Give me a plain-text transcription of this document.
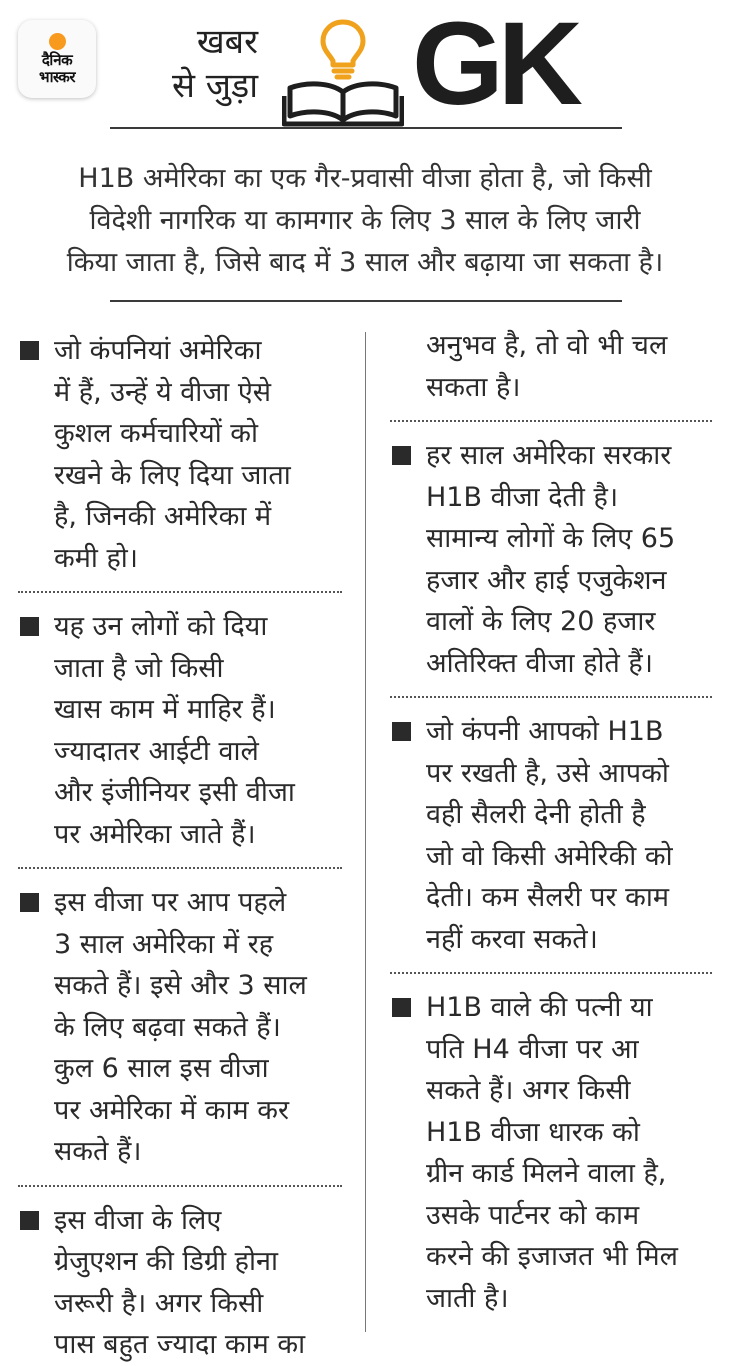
दैनिक
भास्कर
खबर
से जुड़ा GK
H1B अमेरिका का एक गैर-प्रवासी वीजा होता है, जो किसी
विदेशी नागरिक या कामगार के लिए 3 साल के लिए जारी
किया जाता है, जिसे बाद में 3 साल और बढ़ाया जा सकता है।
जो कंपनियां अमेरिका
में हैं, उन्हें ये वीजा ऐसे
कुशल कर्मचारियों को
रखने के लिए दिया जाता
है, जिनकी अमेरिका में
कमी हो।
यह उन लोगों को दिया
जाता है जो किसी
खास काम में माहिर हैं।
ज्यादातर आईटी वाले
और इंजीनियर इसी वीजा
पर अमेरिका जाते हैं।
इस वीजा पर आप पहले
3 साल अमेरिका में रह
सकते हैं। इसे और 3 साल
के लिए बढ़वा सकते हैं।
कुल 6 साल इस वीजा
पर अमेरिका में काम कर
सकते हैं।
इस वीजा के लिए
ग्रेजुएशन की डिग्री होना
जरूरी है। अगर किसी
पास बहुत ज्यादा काम का
अनुभव है, तो वो भी चल
सकता है।
हर साल अमेरिका सरकार
H1B वीजा देती है।
सामान्य लोगों के लिए 65
हजार और हाई एजुकेशन
वालों के लिए 20 हजार
अतिरिक्त वीजा होते हैं।
जो कंपनी आपको H1B
पर रखती है, उसे आपको
वही सैलरी देनी होती है
जो वो किसी अमेरिकी को
देती। कम सैलरी पर काम
नहीं करवा सकते।
H1B वाले की पत्नी या
पति H4 वीजा पर आ
सकते हैं। अगर किसी
H1B वीजा धारक को
ग्रीन कार्ड मिलने वाला है,
उसके पार्टनर को काम
करने की इजाजत भी मिल
जाती है।
